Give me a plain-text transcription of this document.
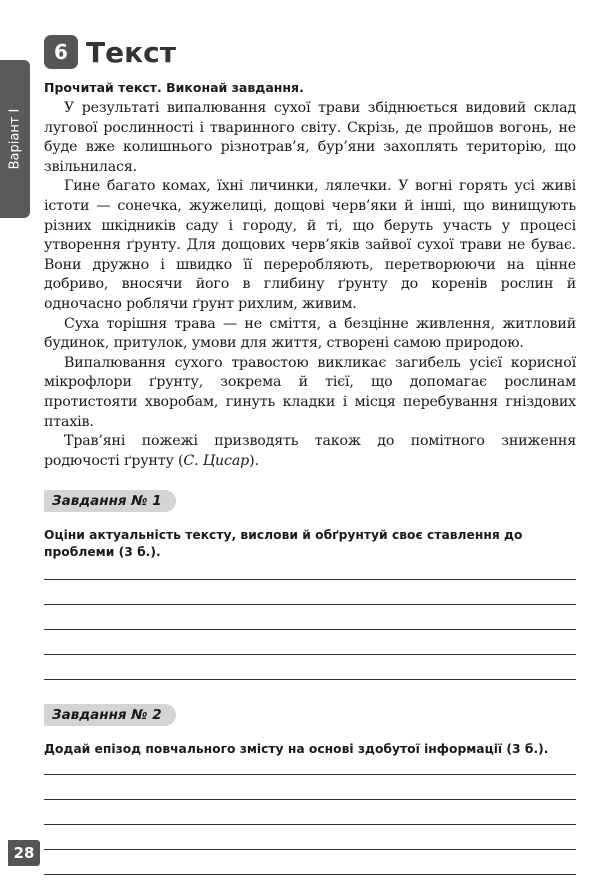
Варіант І
6 Текст

Прочитай текст. Виконай завдання.

У результаті випалювання сухої трави збіднюється видовий склад лугової рослинності і тваринного світу. Скрізь, де пройшов вогонь, не буде вже колишнього різнотрав’я, бур’яни захоплять територію, що звільнилася.

Гине багато комах, їхні личинки, лялечки. У вогні горять усі живі істоти — сонечка, жужелиці, дощові черв’яки й інші, що винищують різних шкідників саду і городу, й ті, що беруть участь у процесі утворення ґрунту. Для дощових черв’яків зайвої сухої трави не буває. Вони дружно і швидко її переробляють, перетворюючи на цінне добриво, вносячи його в глибину ґрунту до коренів рослин й одночасно роблячи ґрунт рихлим, живим.

Суха торішня трава — не сміття, а безцінне живлення, житловий будинок, притулок, умови для життя, створені самою природою.

Випалювання сухого травостою викликає загибель усієї корисної мікрофлори ґрунту, зокрема й тієї, що допомагає рослинам протистояти хворобам, гинуть кладки і місця перебування гніздових птахів.

Трав’яні пожежі призводять також до помітного зниження родючості ґрунту (С. Цисар).

Завдання № 1

Оціни актуальність тексту, вислови й обґрунтуй своє ставлення до проблеми (3 б.).

Завдання № 2

Додай епізод повчального змісту на основі здобутої інформації (3 б.).

28
